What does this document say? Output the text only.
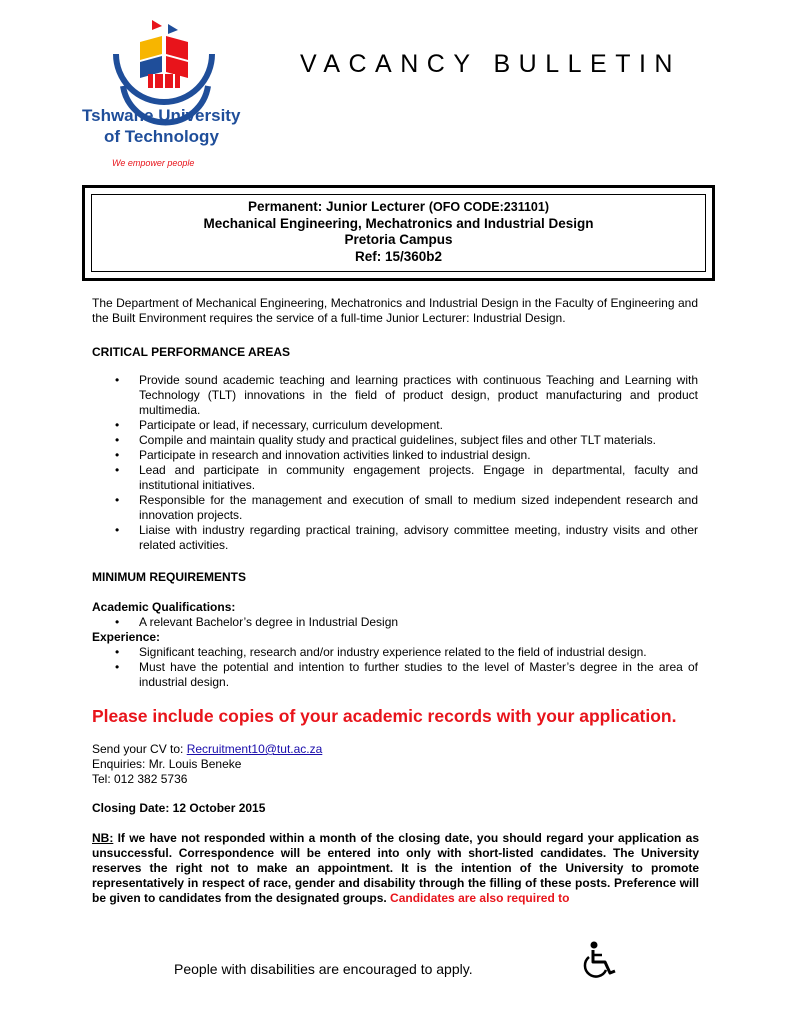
Tshwane University
of Technology
We empower people
VACANCY BULLETIN
Permanent: Junior Lecturer (OFO CODE:231101)
Mechanical Engineering, Mechatronics and Industrial Design
Pretoria Campus
Ref: 15/360b2
The Department of Mechanical Engineering, Mechatronics and Industrial Design in the Faculty of Engineering and the Built Environment requires the service of a full-time Junior Lecturer: Industrial Design.
CRITICAL PERFORMANCE AREAS
• Provide sound academic teaching and learning practices with continuous Teaching and Learning with Technology (TLT) innovations in the field of product design, product manufacturing and product multimedia.
• Participate or lead, if necessary, curriculum development.
• Compile and maintain quality study and practical guidelines, subject files and other TLT materials.
• Participate in research and innovation activities linked to industrial design.
• Lead and participate in community engagement projects. Engage in departmental, faculty and institutional initiatives.
• Responsible for the management and execution of small to medium sized independent research and innovation projects.
• Liaise with industry regarding practical training, advisory committee meeting, industry visits and other related activities.
MINIMUM REQUIREMENTS
Academic Qualifications:
• A relevant Bachelor’s degree in Industrial Design
Experience:
• Significant teaching, research and/or industry experience related to the field of industrial design.
• Must have the potential and intention to further studies to the level of Master’s degree in the area of industrial design.
Please include copies of your academic records with your application.
Send your CV to: Recruitment10@tut.ac.za
Enquiries: Mr. Louis Beneke
Tel: 012 382 5736
Closing Date: 12 October 2015
NB: If we have not responded within a month of the closing date, you should regard your application as unsuccessful. Correspondence will be entered into only with short-listed candidates. The University reserves the right not to make an appointment. It is the intention of the University to promote representatively in respect of race, gender and disability through the filling of these posts. Preference will be given to candidates from the designated groups. Candidates are also required to
People with disabilities are encouraged to apply.
